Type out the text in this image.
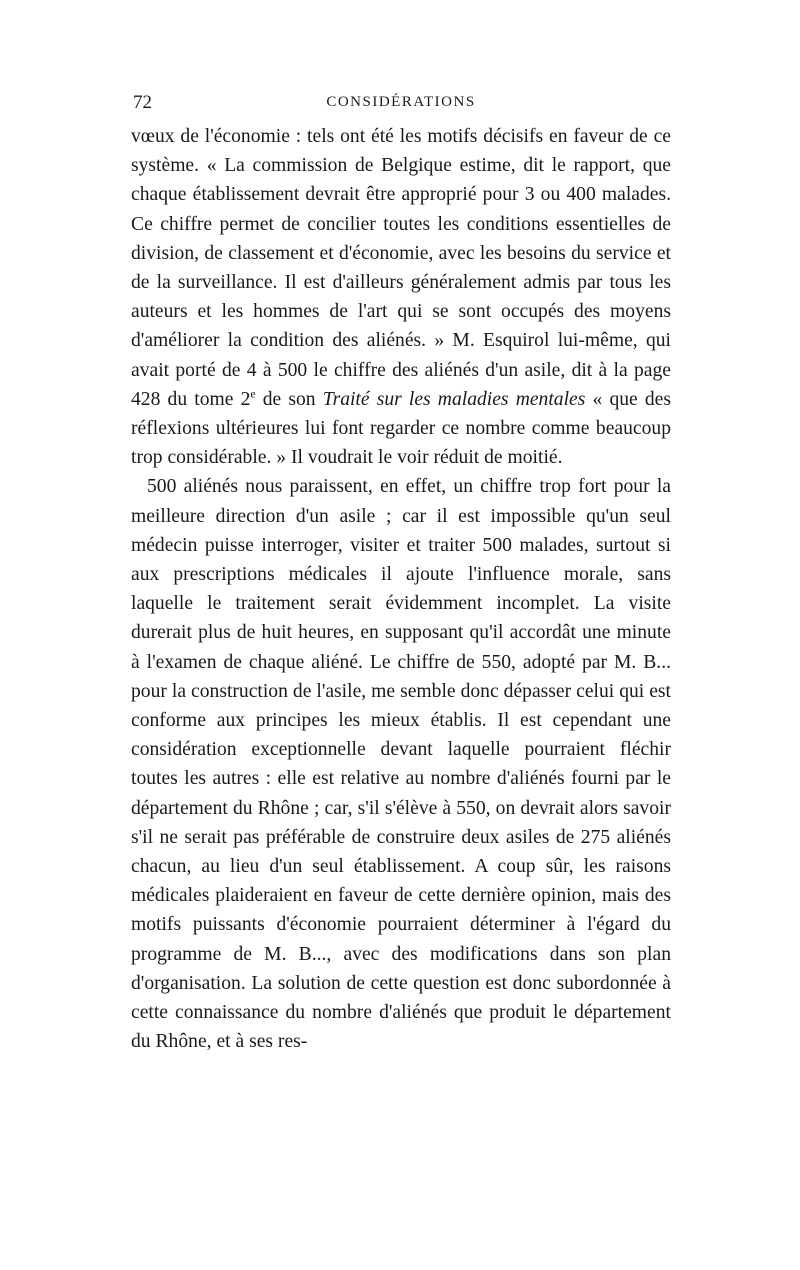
72	CONSIDÉRATIONS

vœux de l'économie : tels ont été les motifs décisifs en faveur de ce système. « La commission de Belgique estime, dit le rapport, que chaque établissement devrait être approprié pour 3 ou 400 malades. Ce chiffre permet de concilier toutes les conditions essentielles de division, de classement et d'économie, avec les besoins du service et de la surveillance. Il est d'ailleurs généralement admis par tous les auteurs et les hommes de l'art qui se sont occupés des moyens d'améliorer la condition des aliénés. » M. Esquirol lui-même, qui avait porté de 4 à 500 le chiffre des aliénés d'un asile, dit à la page 428 du tome 2e de son Traité sur les maladies mentales « que des réflexions ultérieures lui font regarder ce nombre comme beaucoup trop considérable. » Il voudrait le voir réduit de moitié.

500 aliénés nous paraissent, en effet, un chiffre trop fort pour la meilleure direction d'un asile ; car il est impossible qu'un seul médecin puisse interroger, visiter et traiter 500 malades, surtout si aux prescriptions médicales il ajoute l'influence morale, sans laquelle le traitement serait évidemment incomplet. La visite durerait plus de huit heures, en supposant qu'il accordât une minute à l'examen de chaque aliéné. Le chiffre de 550, adopté par M. B... pour la construction de l'asile, me semble donc dépasser celui qui est conforme aux principes les mieux établis. Il est cependant une considération exceptionnelle devant laquelle pourraient fléchir toutes les autres : elle est relative au nombre d'aliénés fourni par le département du Rhône ; car, s'il s'élève à 550, on devrait alors savoir s'il ne serait pas préférable de construire deux asiles de 275 aliénés chacun, au lieu d'un seul établissement. A coup sûr, les raisons médicales plaideraient en faveur de cette dernière opinion, mais des motifs puissants d'économie pourraient déterminer à l'égard du programme de M. B..., avec des modifications dans son plan d'organisation. La solution de cette question est donc subordonnée à cette connaissance du nombre d'aliénés que produit le département du Rhône, et à ses res-
